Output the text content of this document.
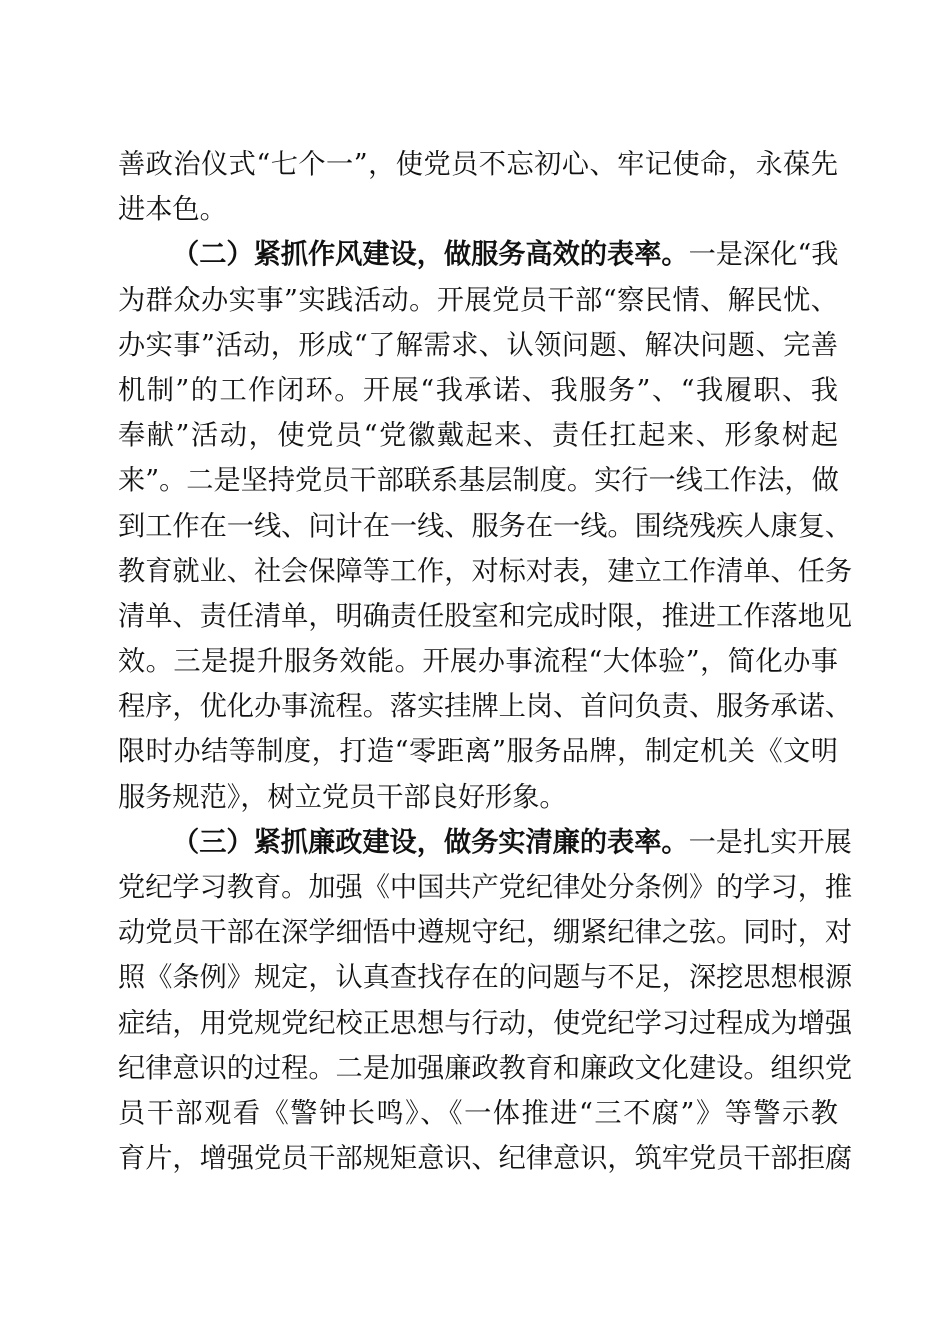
善政治仪式“七个一”，使党员不忘初心、牢记使命，永葆先
进本色。
（二）紧抓作风建设，做服务高效的表率。一是深化“我
为群众办实事”实践活动。开展党员干部“察民情、解民忧、
办实事”活动，形成“了解需求、认领问题、解决问题、完善
机制”的工作闭环。开展“我承诺、我服务”、“我履职、我
奉献”活动，使党员“党徽戴起来、责任扛起来、形象树起
来”。二是坚持党员干部联系基层制度。实行一线工作法，做
到工作在一线、问计在一线、服务在一线。围绕残疾人康复、
教育就业、社会保障等工作，对标对表，建立工作清单、任务
清单、责任清单，明确责任股室和完成时限，推进工作落地见
效。三是提升服务效能。开展办事流程“大体验”，简化办事
程序，优化办事流程。落实挂牌上岗、首问负责、服务承诺、
限时办结等制度，打造“零距离”服务品牌，制定机关《文明
服务规范》，树立党员干部良好形象。
（三）紧抓廉政建设，做务实清廉的表率。一是扎实开展
党纪学习教育。加强《中国共产党纪律处分条例》的学习，推
动党员干部在深学细悟中遵规守纪，绷紧纪律之弦。同时，对
照《条例》规定，认真查找存在的问题与不足，深挖思想根源
症结，用党规党纪校正思想与行动，使党纪学习过程成为增强
纪律意识的过程。二是加强廉政教育和廉政文化建设。组织党
员干部观看《警钟长鸣》、《一体推进“三不腐”》等警示教
育片，增强党员干部规矩意识、纪律意识，筑牢党员干部拒腐
